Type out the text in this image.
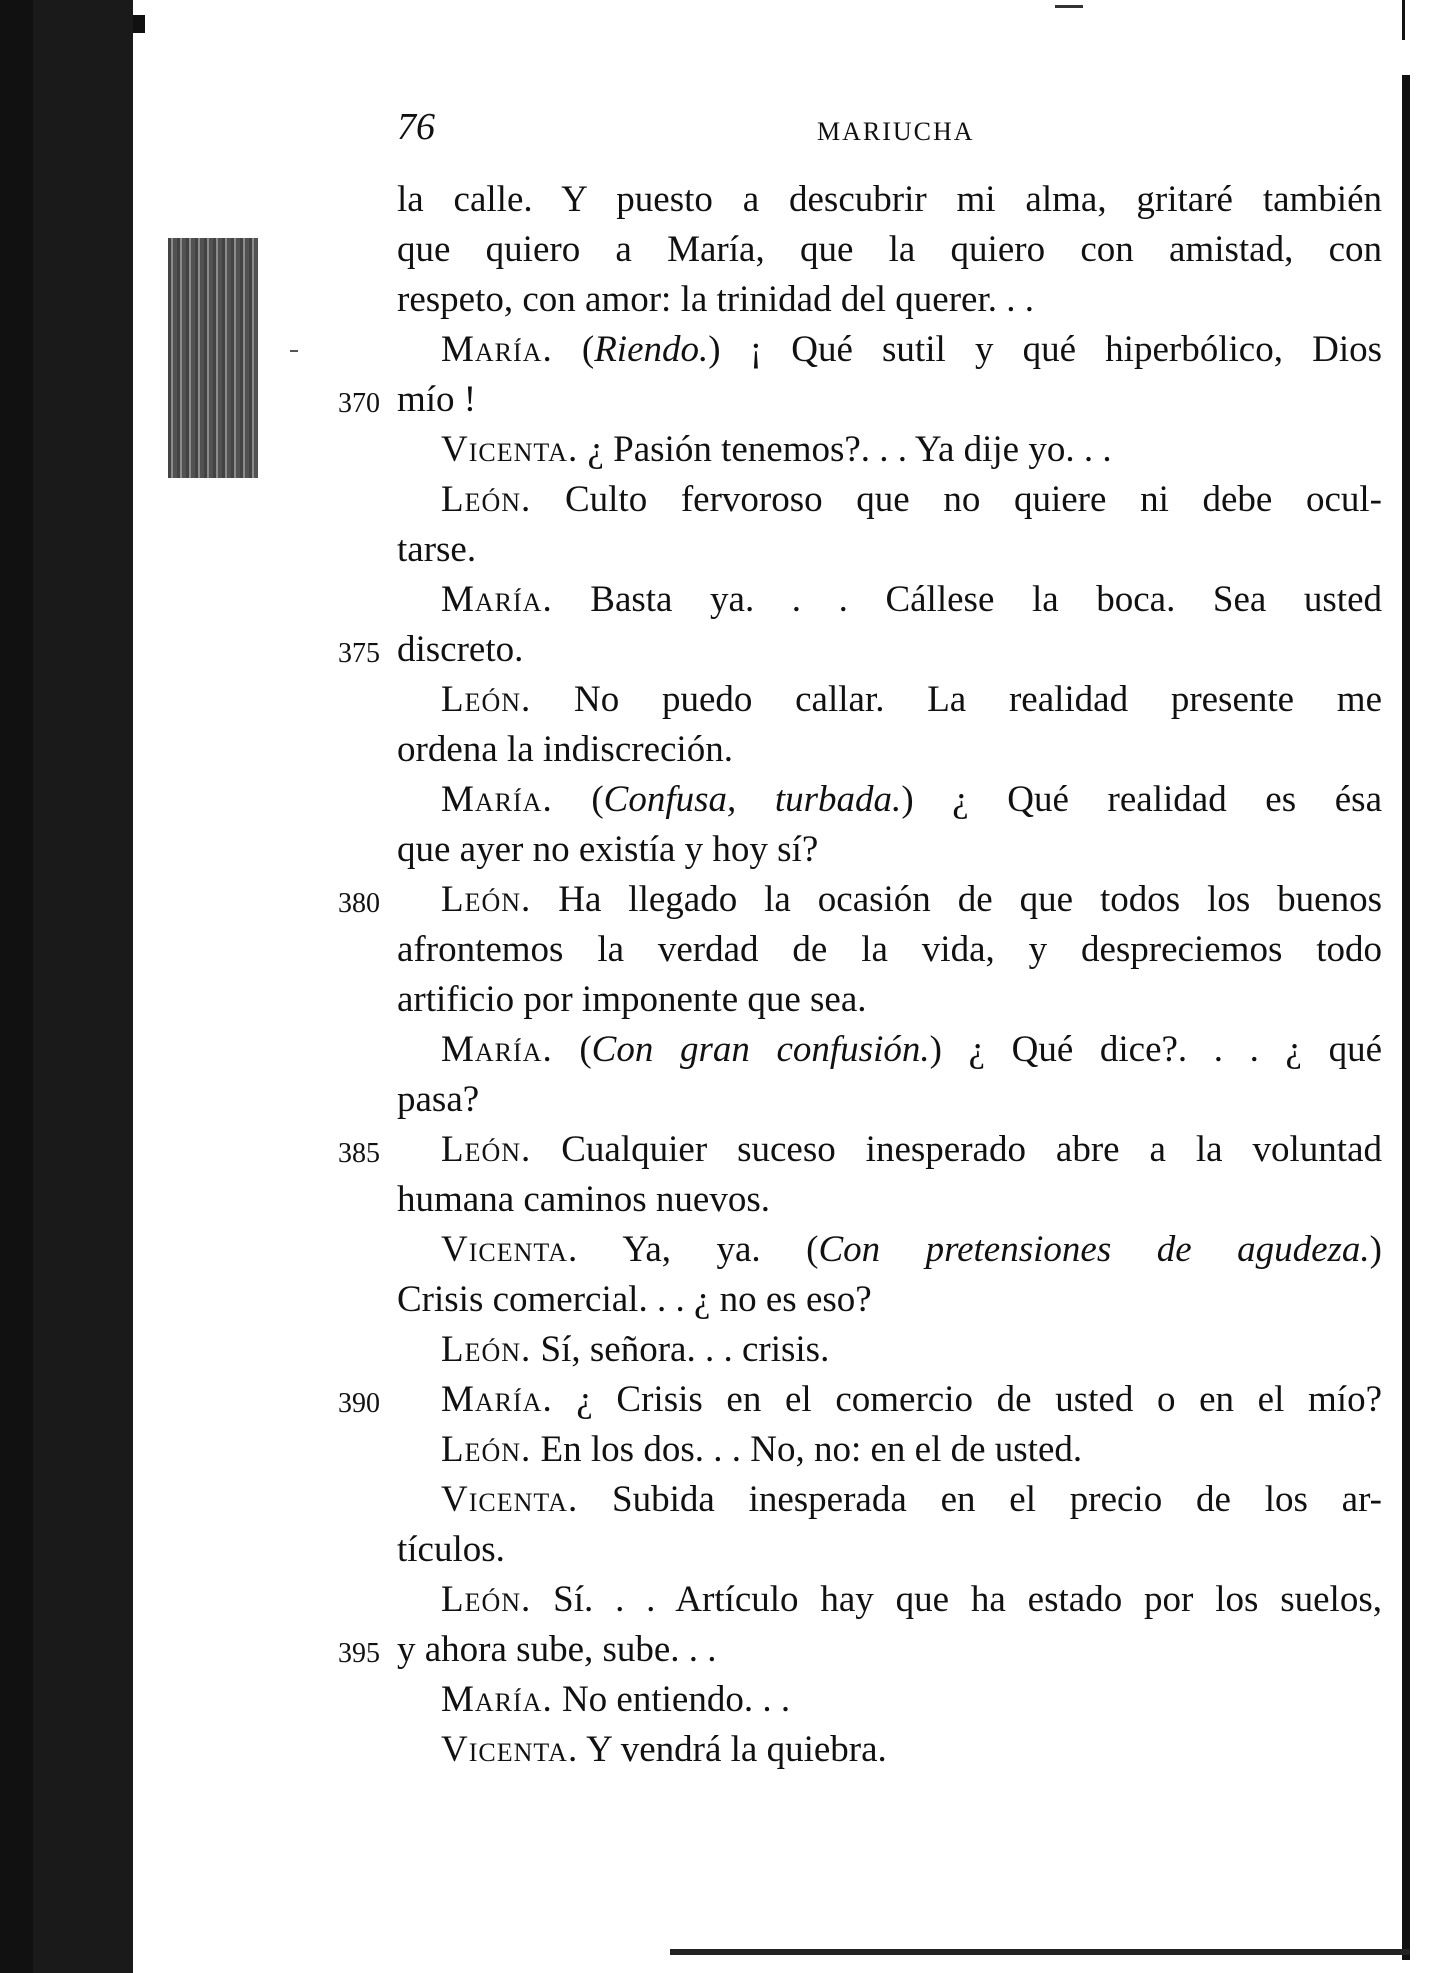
76	MARIUCHA
la calle. Y puesto a descubrir mi alma, gritaré también
que quiero a María, que la quiero con amistad, con
respeto, con amor: la trinidad del querer. . .
María. (Riendo.) ¡ Qué sutil y qué hiperbólico, Dios
370 mío !
Vicenta. ¿ Pasión tenemos?. . . Ya dije yo. . .
León. Culto fervoroso que no quiere ni debe ocul-
tarse.
María. Basta ya. . . Cállese la boca. Sea usted
375 discreto.
León. No puedo callar. La realidad presente me
ordena la indiscreción.
María. (Confusa, turbada.) ¿ Qué realidad es ésa
que ayer no existía y hoy sí?
380 León. Ha llegado la ocasión de que todos los buenos
afrontemos la verdad de la vida, y despreciemos todo
artificio por imponente que sea.
María. (Con gran confusión.) ¿ Qué dice?. . . ¿ qué
pasa?
385 León. Cualquier suceso inesperado abre a la voluntad
humana caminos nuevos.
Vicenta. Ya, ya. (Con pretensiones de agudeza.)
Crisis comercial. . . ¿ no es eso?
León. Sí, señora. . . crisis.
390 María. ¿ Crisis en el comercio de usted o en el mío?
León. En los dos. . . No, no: en el de usted.
Vicenta. Subida inesperada en el precio de los ar-
tículos.
León. Sí. . . Artículo hay que ha estado por los suelos,
395 y ahora sube, sube. . .
María. No entiendo. . .
Vicenta. Y vendrá la quiebra.
